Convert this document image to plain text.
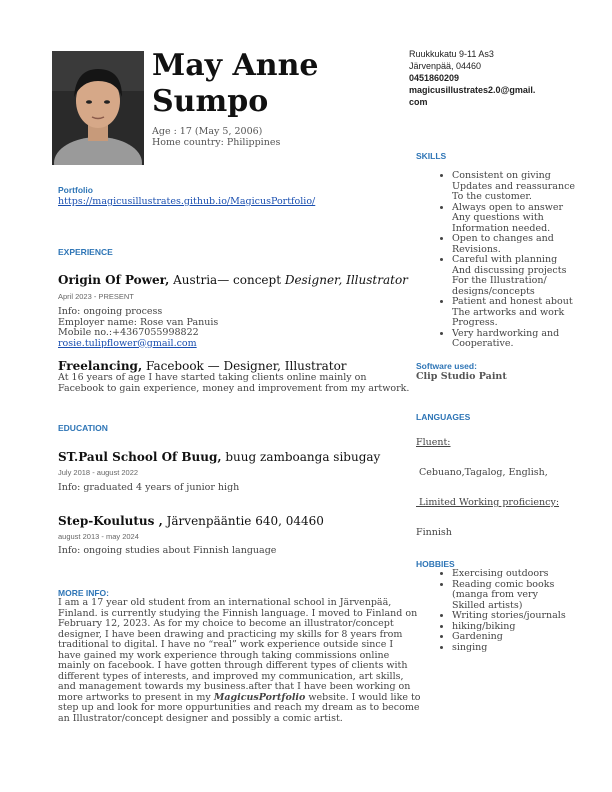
May Anne
Sumpo
Age : 17 (May 5, 2006)
Home country: Philippines
Ruukkukatu 9-11 As3
Järvenpää, 04460
0451860209
magicusillustrates2.0@gmail.
com
Portfolio
https://magicusillustrates.github.io/MagicusPortfolio/
EXPERIENCE
Origin Of Power, Austria— concept Designer, Illustrator
April 2023 - PRESENT
Info: ongoing process
Employer name: Rose van Panuis
Mobile no.:+4367055998822
rosie.tulipflower@gmail.com
Freelancing, Facebook — Designer, Illustrator
At 16 years of age I have started taking clients online mainly on
Facebook to gain experience, money and improvement from my artwork.
EDUCATION
ST.Paul School Of Buug, buug zamboanga sibugay
July 2018 - august 2022
Info: graduated 4 years of junior high
Step-Koulutus , Järvenpääntie 640, 04460
august 2013 - may 2024
Info: ongoing studies about Finnish language
MORE INFO:
I am a 17 year old student from an international school in Järvenpää,
Finland. is currently studying the Finnish language. I moved to Finland on
February 12, 2023. As for my choice to become an illustrator/concept
designer, I have been drawing and practicing my skills for 8 years from
traditional to digital. I have no “real” work experience outside since I
have gained my work experience through taking commissions online
mainly on facebook. I have gotten through different types of clients with
different types of interests, and improved my communication, art skills,
and management towards my business.after that I have been working on
more artworks to present in my MagicusPortfolio website. I would like to
step up and look for more oppurtunities and reach my dream as to become
an Illustrator/concept designer and possibly a comic artist.
SKILLS
• Consistent on giving
Updates and reassurance
To the customer.
• Always open to answer
Any questions with
Information needed.
• Open to changes and
Revisions.
• Careful with planning
And discussing projects
For the Illustration/
designs/concepts
• Patient and honest about
The artworks and work
Progress.
• Very hardworking and
Cooperative.
Software used:
Clip Studio Paint
LANGUAGES
Fluent:
Cebuano,Tagalog, English,
Limited Working proficiency:
Finnish
HOBBIES
• Exercising outdoors
• Reading comic books
(manga from very
Skilled artists)
• Writing stories/journals
• hiking/biking
• Gardening
• singing
